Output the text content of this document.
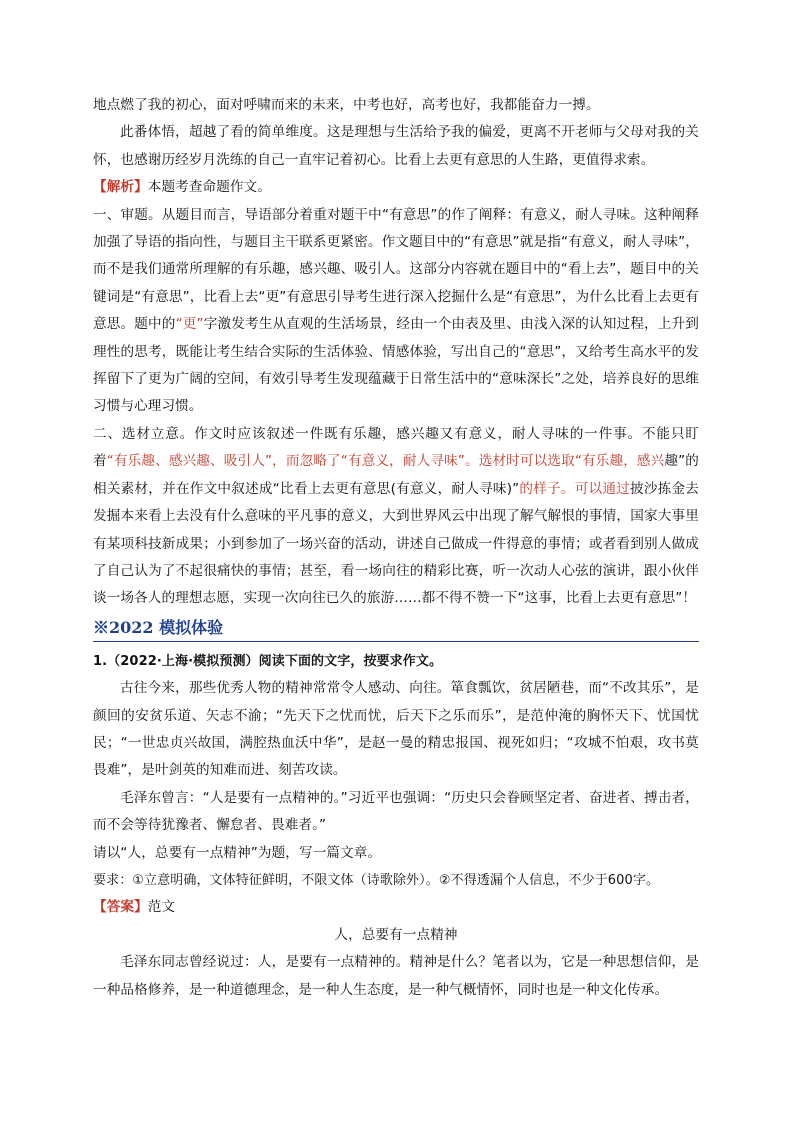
地点燃了我的初心，面对呼啸而来的未来，中考也好，高考也好，我都能奋力一搏。

此番体悟，超越了看的简单维度。这是理想与生活给予我的偏爱，更离不开老师与父母对我的关怀，也感谢历经岁月洗练的自己一直牢记着初心。比看上去更有意思的人生路，更值得求索。

【解析】本题考查命题作文。

一、审题。从题目而言，导语部分着重对题干中“有意思”的作了阐释：有意义，耐人寻味。这种阐释加强了导语的指向性，与题目主干联系更紧密。作文题目中的“有意思”就是指“有意义，耐人寻味”，而不是我们通常所理解的有乐趣，感兴趣、吸引人。这部分内容就在题目中的“看上去”，题目中的关键词是“有意思”，比看上去“更”有意思引导考生进行深入挖掘什么是“有意思”，为什么比看上去更有意思。题中的“更”字激发考生从直观的生活场景，经由一个由表及里、由浅入深的认知过程，上升到理性的思考，既能让考生结合实际的生活体验、情感体验，写出自己的“意思”，又给考生高水平的发挥留下了更为广阔的空间，有效引导考生发现蕴藏于日常生活中的“意味深长”之处，培养良好的思维习惯与心理习惯。

二、选材立意。作文时应该叙述一件既有乐趣，感兴趣又有意义，耐人寻味的一件事。不能只盯着“有乐趣、感兴趣、吸引人”，而忽略了“有意义，耐人寻味”。选材时可以选取“有乐趣，感兴趣”的相关素材，并在作文中叙述成“比看上去更有意思(有意义，耐人寻味)”的样子。可以通过披沙拣金去发掘本来看上去没有什么意味的平凡事的意义，大到世界风云中出现了解气解恨的事情，国家大事里有某项科技新成果；小到参加了一场兴奋的活动，讲述自己做成一件得意的事情；或者看到别人做成了自己认为了不起很痛快的事情；甚至，看一场向往的精彩比赛，听一次动人心弦的演讲，跟小伙伴谈一场各人的理想志愿，实现一次向往已久的旅游……都不得不赞一下“这事，比看上去更有意思”！

※2022 模拟体验

1.（2022·上海·模拟预测）阅读下面的文字，按要求作文。

古往今来，那些优秀人物的精神常常令人感动、向往。箪食瓢饮，贫居陋巷，而“不改其乐”，是颜回的安贫乐道、矢志不渝；“先天下之忧而忧，后天下之乐而乐”，是范仲淹的胸怀天下、忧国忧民；“一世忠贞兴故国，满腔热血沃中华”，是赵一曼的精忠报国、视死如归；“攻城不怕艰，攻书莫畏难”，是叶剑英的知难而进、刻苦攻读。

毛泽东曾言：“人是要有一点精神的。”习近平也强调：“历史只会眷顾坚定者、奋进者、搏击者，而不会等待犹豫者、懈怠者、畏难者。”

请以“人，总要有一点精神”为题，写一篇文章。

要求：①立意明确，文体特征鲜明，不限文体（诗歌除外）。②不得透漏个人信息，不少于600字。

【答案】范文

人，总要有一点精神

毛泽东同志曾经说过：人，是要有一点精神的。精神是什么？笔者以为，它是一种思想信仰，是一种品格修养，是一种道德理念，是一种人生态度，是一种气概情怀，同时也是一种文化传承。
